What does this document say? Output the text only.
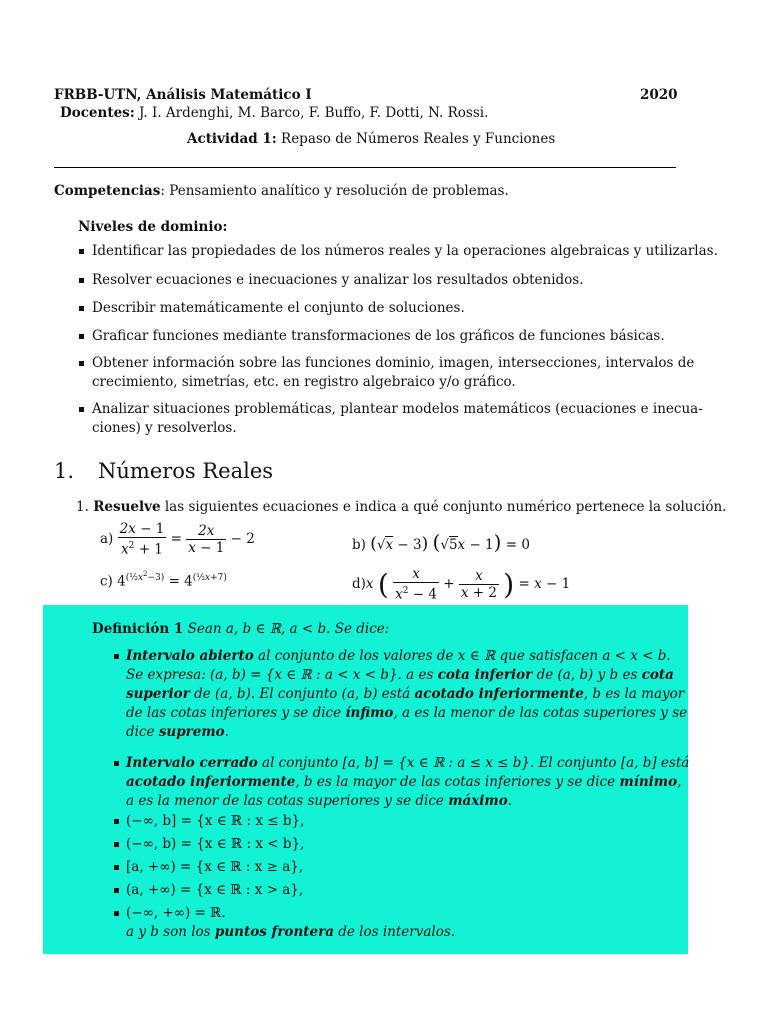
FRBB-UTN, Análisis Matemático I	2020
Docentes: J. I. Ardenghi, M. Barco, F. Buffo, F. Dotti, N. Rossi.
Actividad 1: Repaso de Números Reales y Funciones
Competencias: Pensamiento analítico y resolución de problemas.
Niveles de dominio:
Identificar las propiedades de los números reales y la operaciones algebraicas y utilizarlas.
Resolver ecuaciones e inecuaciones y analizar los resultados obtenidos.
Describir matemáticamente el conjunto de soluciones.
Graficar funciones mediante transformaciones de los gráficos de funciones básicas.
Obtener información sobre las funciones dominio, imagen, intersecciones, intervalos de
crecimiento, simetrías, etc. en registro algebraico y/o gráfico.
Analizar situaciones problemáticas, plantear modelos matemáticos (ecuaciones e inecua-
ciones) y resolverlos.
1. Números Reales
1. Resuelve las siguientes ecuaciones e indica a qué conjunto numérico pertenece la solución.
$a) \frac{2x - 1}{x^2 + 1} = \frac{2x}{x - 1} - 2$	b) (√x − 3) (√5x − 1) = 0
c) $4^{(\frac{1}{2}x^2-3)} = 4^{(\frac{1}{2}x+7)}$	d)x ( $\frac{x}{x^2 - 4} + \frac{x}{x + 2}$ ) = x − 1
Definición 1 Sean a, b ∈ ℝ, a < b. Se dice:
Intervalo abierto al conjunto de los valores de x ∈ ℝ que satisfacen a < x < b.
Se expresa: (a, b) = {x ∈ ℝ : a < x < b}. a es cota inferior de (a, b) y b es cota
superior de (a, b). El conjunto (a, b) está acotado inferiormente, b es la mayor
de las cotas inferiores y se dice ínfimo, a es la menor de las cotas superiores y se
dice supremo.
Intervalo cerrado al conjunto [a, b] = {x ∈ ℝ : a ≤ x ≤ b}. El conjunto [a, b] está
acotado inferiormente, b es la mayor de las cotas inferiores y se dice mínimo,
a es la menor de las cotas superiores y se dice máximo.
(−∞, b] = {x ∈ ℝ : x ≤ b},
(−∞, b) = {x ∈ ℝ : x < b},
[a, +∞) = {x ∈ ℝ : x ≥ a},
(a, +∞) = {x ∈ ℝ : x > a},
(−∞, +∞) = ℝ.
a y b son los puntos frontera de los intervalos.
